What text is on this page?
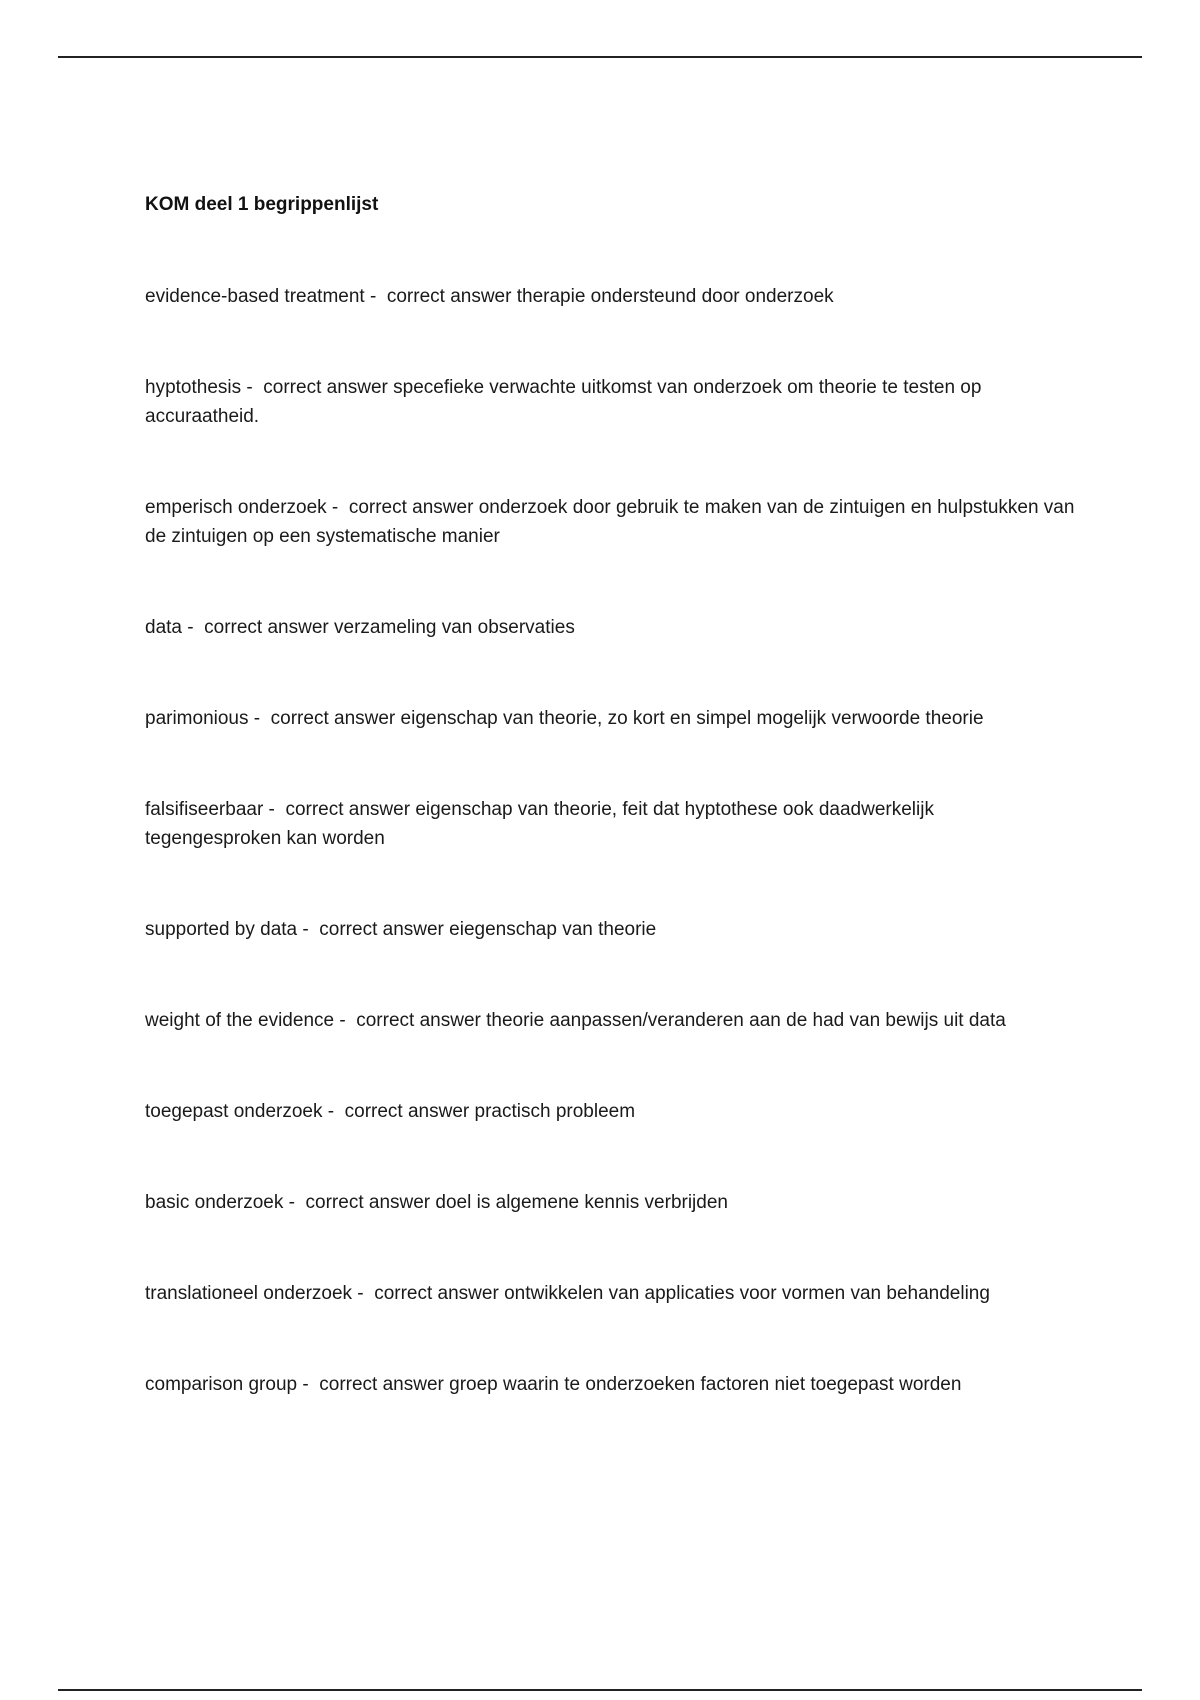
KOM deel 1 begrippenlijst
evidence-based treatment -  correct answer therapie ondersteund door onderzoek
hyptothesis -  correct answer specefieke verwachte uitkomst van onderzoek om theorie te testen op accuraatheid.
emperisch onderzoek -  correct answer onderzoek door gebruik te maken van de zintuigen en hulpstukken van de zintuigen op een systematische manier
data -  correct answer verzameling van observaties
parimonious -  correct answer eigenschap van theorie, zo kort en simpel mogelijk verwoorde theorie
falsifiseerbaar -  correct answer eigenschap van theorie, feit dat hyptothese ook daadwerkelijk tegengesproken kan worden
supported by data -  correct answer eiegenschap van theorie
weight of the evidence -  correct answer theorie aanpassen/veranderen aan de had van bewijs uit data
toegepast onderzoek -  correct answer practisch probleem
basic onderzoek -  correct answer doel is algemene kennis verbrijden
translationeel onderzoek -  correct answer ontwikkelen van applicaties voor vormen van behandeling
comparison group -  correct answer groep waarin te onderzoeken factoren niet toegepast worden
